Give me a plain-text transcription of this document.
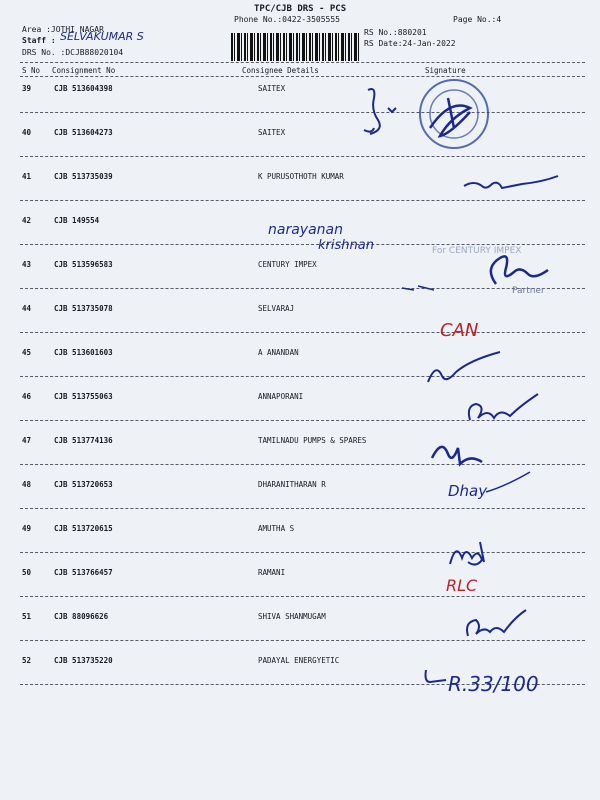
TPC/CJB DRS - PCS
Phone No.:0422-3505555	Page No.:4
Area :JOTHI NAGAR
Staff : SELVAKUMAR S
DRS No. :DCJB88020104
RS No.:880201
RS Date:24-Jan-2022
S No Consignment No	Consignee Details	Signature
39	CJB 513604398	SAITEX
40	CJB 513604273	SAITEX
41	CJB 513735039	K PURUSOTHOTH KUMAR
42	CJB 149554
43	CJB 513596583	CENTURY IMPEX
44	CJB 513735078	SELVARAJ
45	CJB 513601603	A ANANDAN
46	CJB 513755063	ANNAPORANI
47	CJB 513774136	TAMILNADU PUMPS & SPARES
48	CJB 513720653	DHARANITHARAN R
49	CJB 513720615	AMUTHA S
50	CJB 513766457	RAMANI
51	CJB 88096626	SHIVA SHANMUGAM
52	CJB 513735220	PADAYAL ENERGYETIC
narayanan
krishnan	For CENTURY IMPEX
Partner
CAN
Dhay
RLC
R.33/100
